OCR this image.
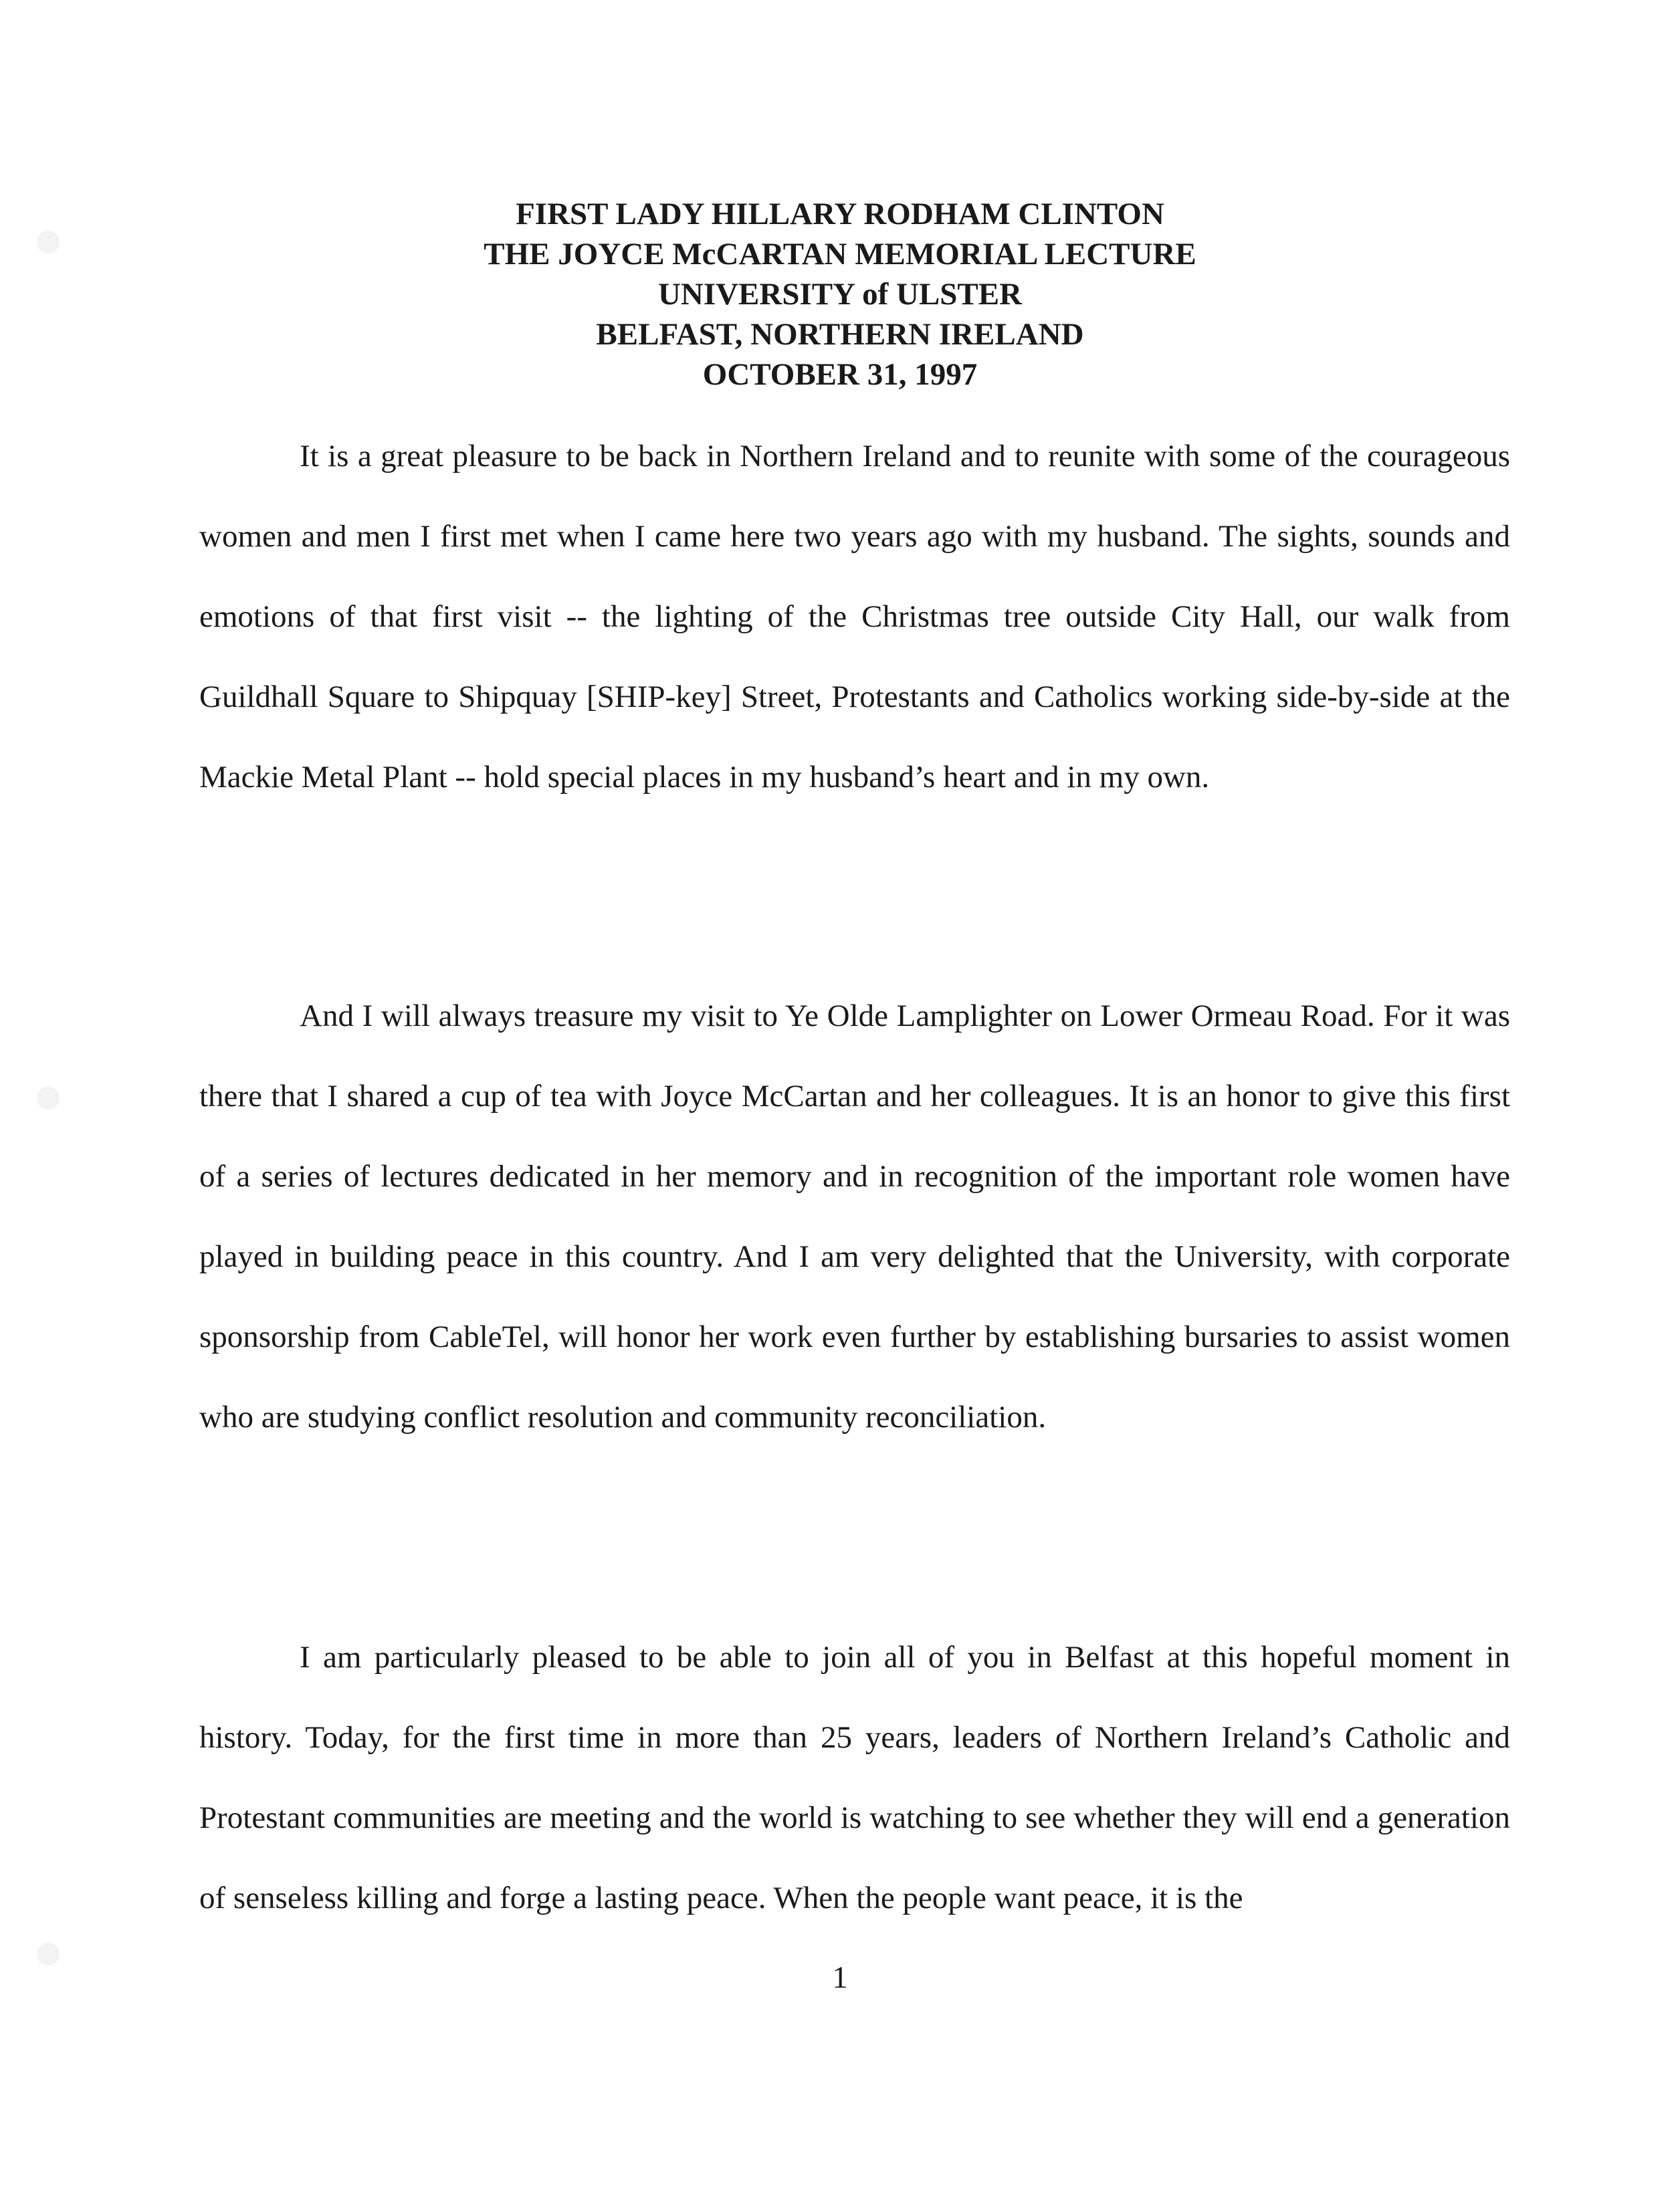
FIRST LADY HILLARY RODHAM CLINTON
THE JOYCE McCARTAN MEMORIAL LECTURE
UNIVERSITY of ULSTER
BELFAST, NORTHERN IRELAND
OCTOBER 31, 1997

It is a great pleasure to be back in Northern Ireland and to reunite with some of the courageous women and men I first met when I came here two years ago with my husband. The sights, sounds and emotions of that first visit -- the lighting of the Christmas tree outside City Hall, our walk from Guildhall Square to Shipquay [SHIP-key] Street, Protestants and Catholics working side-by-side at the Mackie Metal Plant -- hold special places in my husband’s heart and in my own.

And I will always treasure my visit to Ye Olde Lamplighter on Lower Ormeau Road. For it was there that I shared a cup of tea with Joyce McCartan and her colleagues. It is an honor to give this first of a series of lectures dedicated in her memory and in recognition of the important role women have played in building peace in this country. And I am very delighted that the University, with corporate sponsorship from CableTel, will honor her work even further by establishing bursaries to assist women who are studying conflict resolution and community reconciliation.

I am particularly pleased to be able to join all of you in Belfast at this hopeful moment in history. Today, for the first time in more than 25 years, leaders of Northern Ireland’s Catholic and Protestant communities are meeting and the world is watching to see whether they will end a generation of senseless killing and forge a lasting peace. When the people want peace, it is the

1
